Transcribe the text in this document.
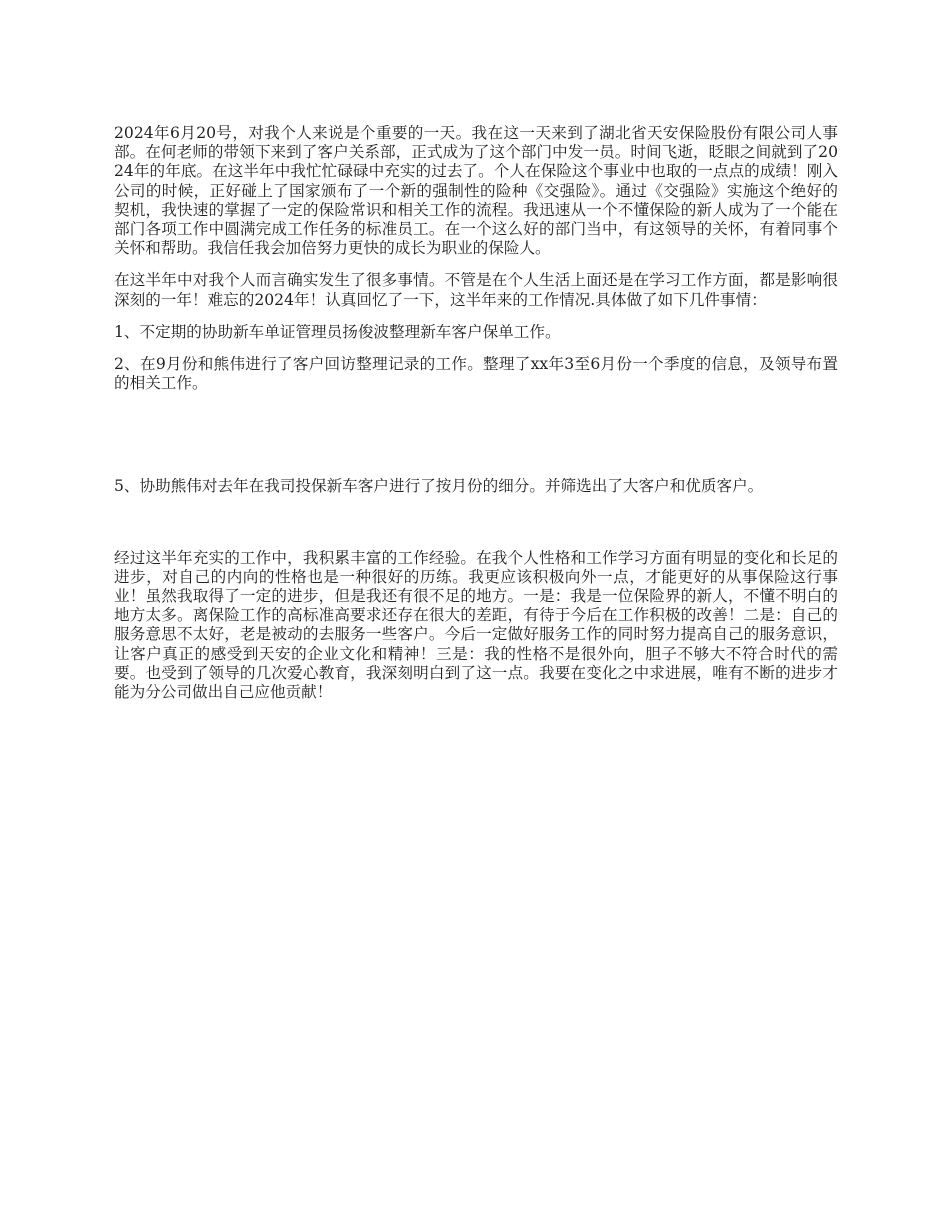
2024年6月20号，对我个人来说是个重要的一天。我在这一天来到了湖北省天安保险股份有限公司人事部。在何老师的带领下来到了客户关系部，正式成为了这个部门中发一员。时间飞逝，眨眼之间就到了2024年的年底。在这半年中我忙忙碌碌中充实的过去了。个人在保险这个事业中也取的一点点的成绩！刚入公司的时候，正好碰上了国家颁布了一个新的强制性的险种《交强险》。通过《交强险》实施这个绝好的契机，我快速的掌握了一定的保险常识和相关工作的流程。我迅速从一个不懂保险的新人成为了一个能在部门各项工作中圆满完成工作任务的标准员工。在一个这么好的部门当中，有这领导的关怀，有着同事个关怀和帮助。我信任我会加倍努力更快的成长为职业的保险人。

在这半年中对我个人而言确实发生了很多事情。不管是在个人生活上面还是在学习工作方面，都是影响很深刻的一年！难忘的2024年！认真回忆了一下，这半年来的工作情况.具体做了如下几件事情：

1、不定期的协助新车单证管理员扬俊波整理新车客户保单工作。

2、在9月份和熊伟进行了客户回访整理记录的工作。整理了xx年3至6月份一个季度的信息，及领导布置的相关工作。

5、协助熊伟对去年在我司投保新车客户进行了按月份的细分。并筛选出了大客户和优质客户。

经过这半年充实的工作中，我积累丰富的工作经验。在我个人性格和工作学习方面有明显的变化和长足的进步，对自己的内向的性格也是一种很好的历练。我更应该积极向外一点，才能更好的从事保险这行事业！虽然我取得了一定的进步，但是我还有很不足的地方。一是：我是一位保险界的新人，不懂不明白的地方太多。离保险工作的高标准高要求还存在很大的差距，有待于今后在工作积极的改善！二是：自己的服务意思不太好，老是被动的去服务一些客户。今后一定做好服务工作的同时努力提高自己的服务意识，让客户真正的感受到天安的企业文化和精神！三是：我的性格不是很外向，胆子不够大不符合时代的需要。也受到了领导的几次爱心教育，我深刻明白到了这一点。我要在变化之中求进展，唯有不断的进步才能为分公司做出自己应他贡献！
